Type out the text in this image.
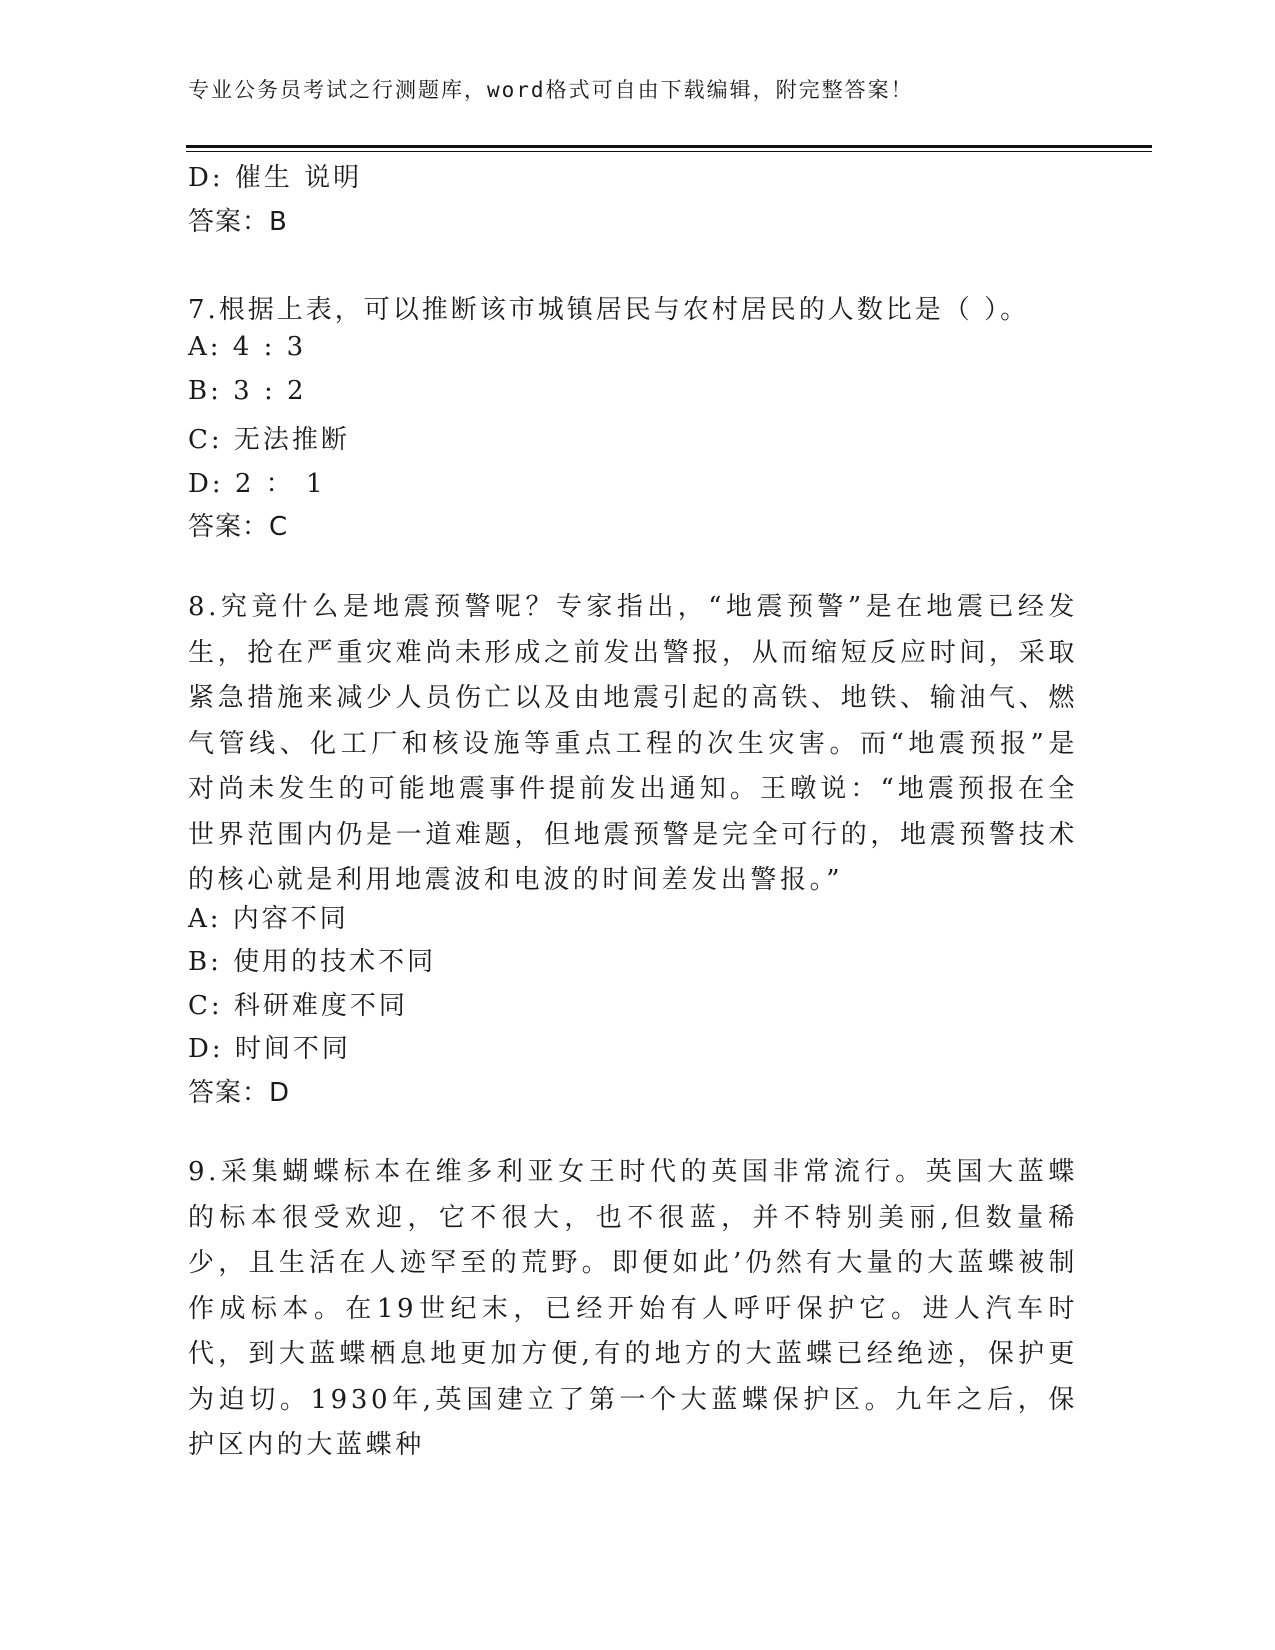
专业公务员考试之行测题库，word格式可自由下载编辑，附完整答案！
D: 催生 说明
答案：B
7.根据上表，可以推断该市城镇居民与农村居民的人数比是（ ）。
A: 4 : 3
B: 3 : 2
C: 无法推断
D: 2 ： 1
答案：C
8.究竟什么是地震预警呢？专家指出，“地震预警”是在地震已经发生，抢在严重灾难尚未形成之前发出警报，从而缩短反应时间，采取紧急措施来减少人员伤亡以及由地震引起的高铁、地铁、输油气、燃气管线、化工厂和核设施等重点工程的次生灾害。而“地震预报”是对尚未发生的可能地震事件提前发出通知。王暾说：“地震预报在全世界范围内仍是一道难题，但地震预警是完全可行的，地震预警技术的核心就是利用地震波和电波的时间差发出警报。”
A: 内容不同
B: 使用的技术不同
C: 科研难度不同
D: 时间不同
答案：D
9.采集蝴蝶标本在维多利亚女王时代的英国非常流行。英国大蓝蝶的标本很受欢迎，它不很大，也不很蓝，并不特别美丽,但数量稀少，且生活在人迹罕至的荒野。即便如此’仍然有大量的大蓝蝶被制作成标本。在19世纪末，已经开始有人呼吁保护它。进人汽车时代，到大蓝蝶栖息地更加方便,有的地方的大蓝蝶已经绝迹，保护更为迫切。1930年,英国建立了第一个大蓝蝶保护区。九年之后，保护区内的大蓝蝶种
